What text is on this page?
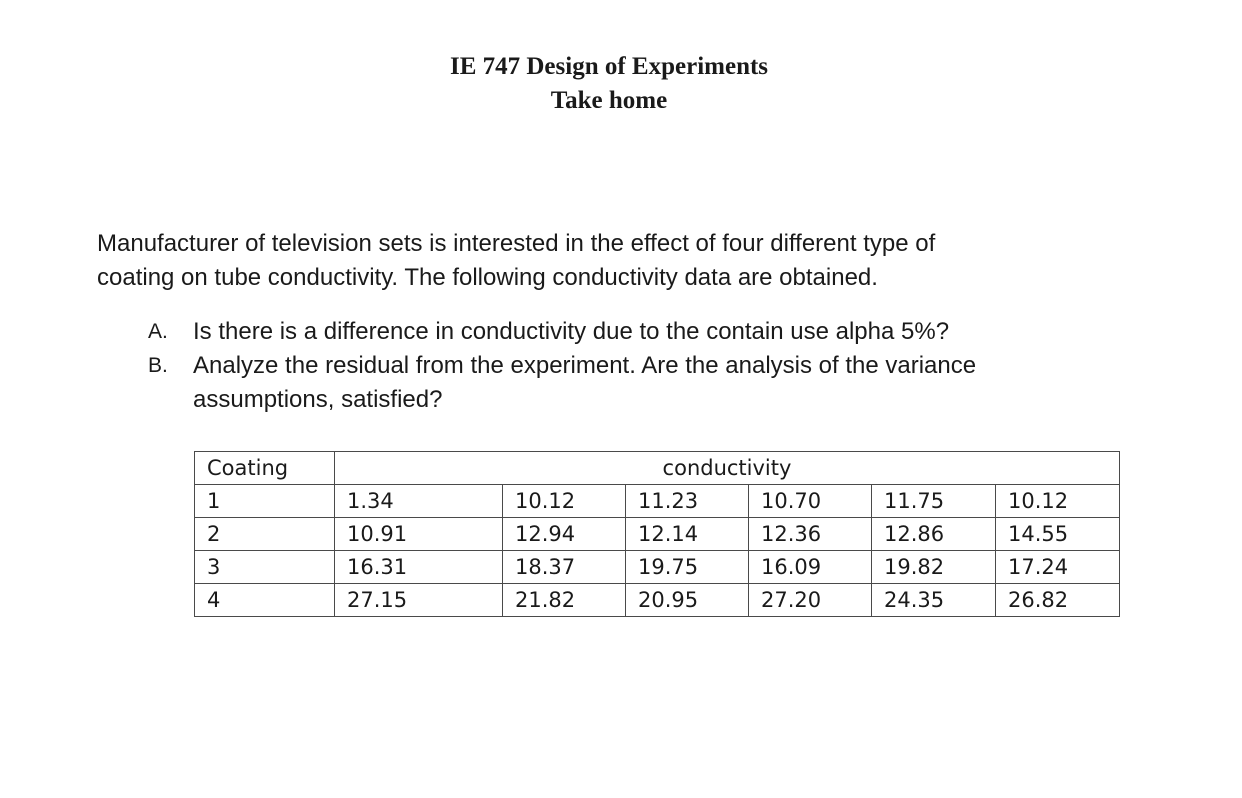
IE 747 Design of Experiments
Take home
Manufacturer of television sets is interested in the effect of four different type of
coating on tube conductivity. The following conductivity data are obtained.
A.	Is there is a difference in conductivity due to the contain use alpha 5%?
B.	Analyze the residual from the experiment. Are the analysis of the variance assumptions, satisfied?
Coating	conductivity					
1	1.34	10.12	11.23	10.70	11.75	10.12
2	10.91	12.94	12.14	12.36	12.86	14.55
3	16.31	18.37	19.75	16.09	19.82	17.24
4	27.15	21.82	20.95	27.20	24.35	26.82
